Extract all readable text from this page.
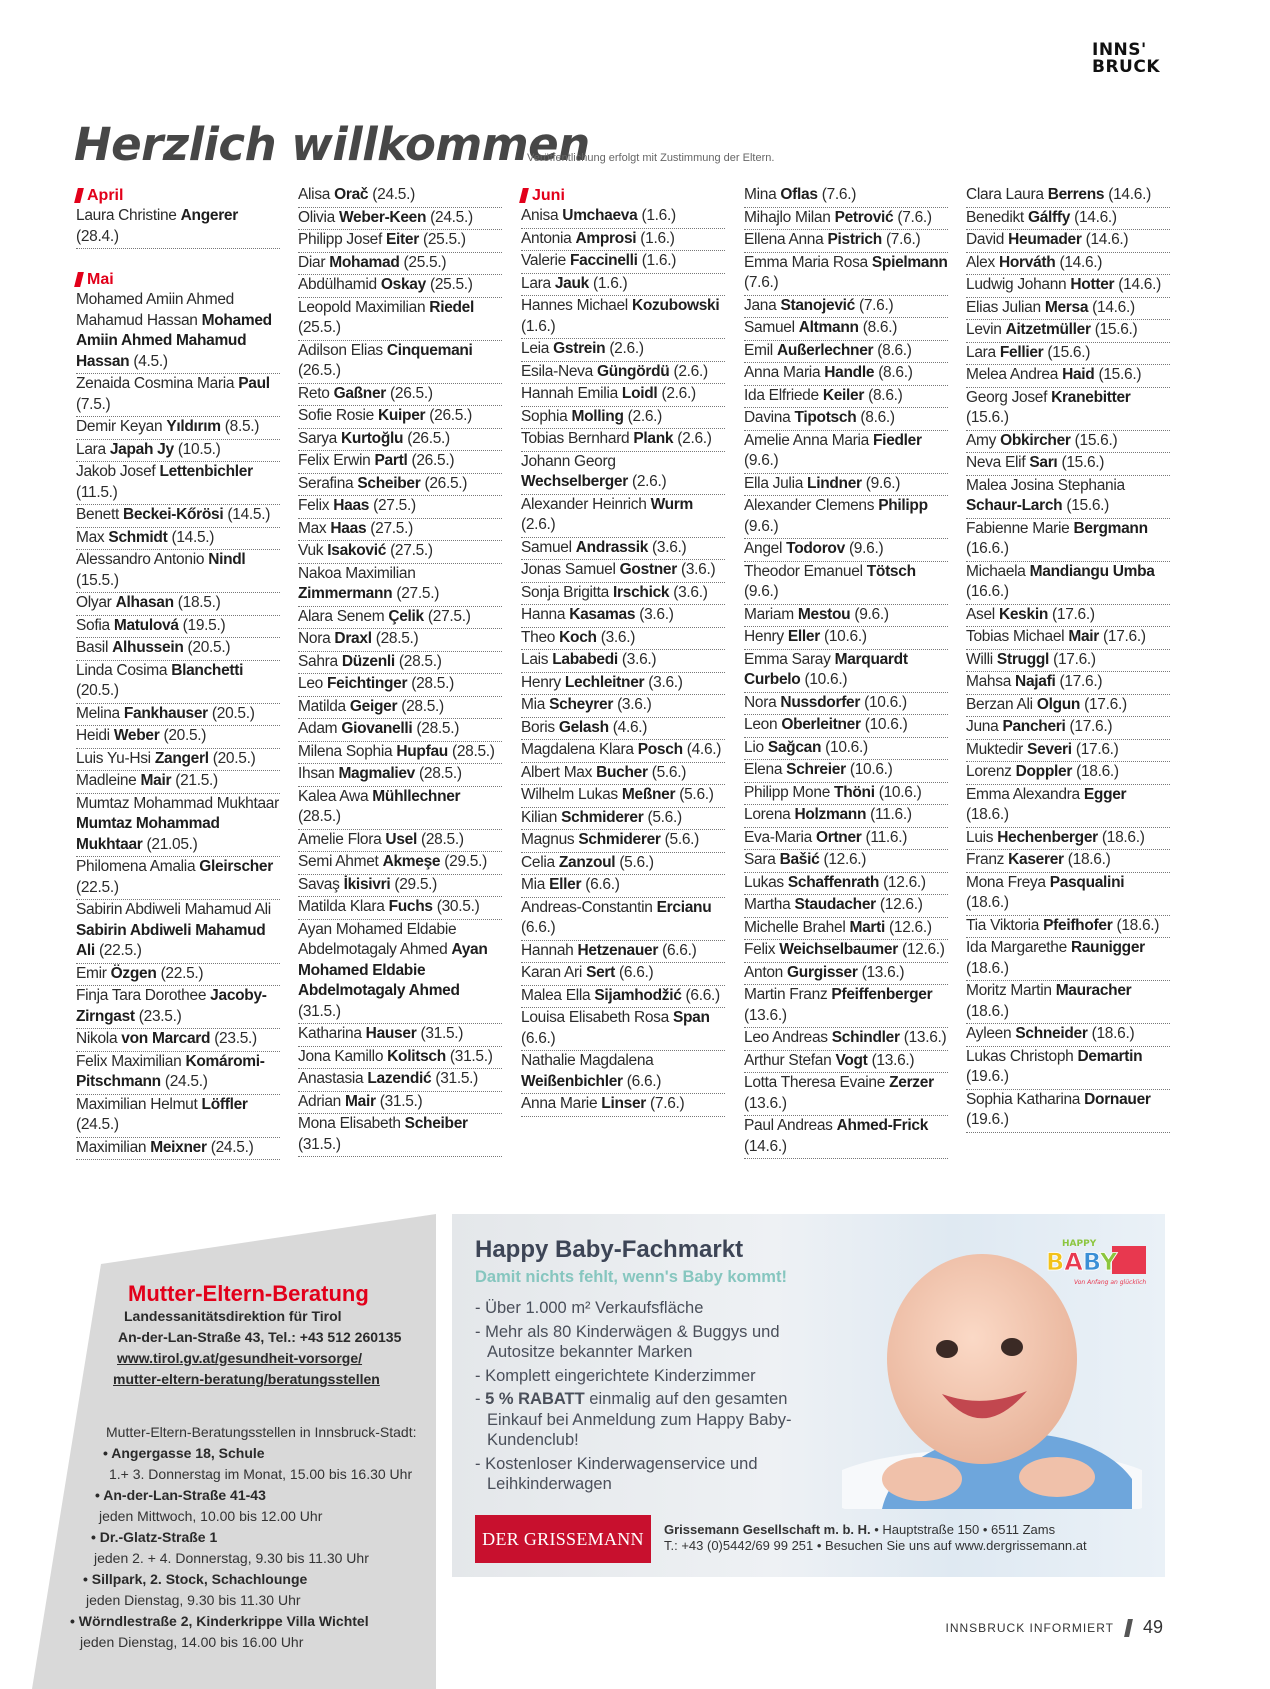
INNS'
BRUCK
Herzlich willkommen
Veröffentlichung erfolgt mit Zustimmung der Eltern.
April
Laura Christine Angerer (28.4.)
Mai
Mohamed Amiin Ahmed Mahamud Hassan Mohamed Amiin Ahmed Mahamud Hassan (4.5.)
Zenaida Cosmina Maria Paul (7.5.)
Demir Keyan Yıldırım (8.5.)
Lara Japah Jy (10.5.)
Jakob Josef Lettenbichler (11.5.)
Benett Beckei-Kőrösi (14.5.)
Max Schmidt (14.5.)
Alessandro Antonio Nindl (15.5.)
Olyar Alhasan (18.5.)
Sofia Matulová (19.5.)
Basil Alhussein (20.5.)
Linda Cosima Blanchetti (20.5.)
Melina Fankhauser (20.5.)
Heidi Weber (20.5.)
Luis Yu-Hsi Zangerl (20.5.)
Madleine Mair (21.5.)
Mumtaz Mohammad Mukhtaar Mumtaz Mohammad Mukhtaar (21.05.)
Philomena Amalia Gleirscher (22.5.)
Sabirin Abdiweli Mahamud Ali Sabirin Abdiweli Mahamud Ali (22.5.)
Emir Özgen (22.5.)
Finja Tara Dorothee Jacoby-Zirngast (23.5.)
Nikola von Marcard (23.5.)
Felix Maximilian Komáromi-Pitschmann (24.5.)
Maximilian Helmut Löffler (24.5.)
Maximilian Meixner (24.5.)
Alisa Orač (24.5.)
Olivia Weber-Keen (24.5.)
Philipp Josef Eiter (25.5.)
Diar Mohamad (25.5.)
Abdülhamid Oskay (25.5.)
Leopold Maximilian Riedel (25.5.)
Adilson Elias Cinquemani (26.5.)
Reto Gaßner (26.5.)
Sofie Rosie Kuiper (26.5.)
Sarya Kurtoğlu (26.5.)
Felix Erwin Partl (26.5.)
Serafina Scheiber (26.5.)
Felix Haas (27.5.)
Max Haas (27.5.)
Vuk Isaković (27.5.)
Nakoa Maximilian Zimmermann (27.5.)
Alara Senem Çelik (27.5.)
Nora Draxl (28.5.)
Sahra Düzenli (28.5.)
Leo Feichtinger (28.5.)
Matilda Geiger (28.5.)
Adam Giovanelli (28.5.)
Milena Sophia Hupfau (28.5.)
Ihsan Magmaliev (28.5.)
Kalea Awa Mühllechner (28.5.)
Amelie Flora Usel (28.5.)
Semi Ahmet Akmeşe (29.5.)
Savaş İkisivri (29.5.)
Matilda Klara Fuchs (30.5.)
Ayan Mohamed Eldabie Abdelmotagaly Ahmed Ayan Mohamed Eldabie Abdelmotagaly Ahmed (31.5.)
Katharina Hauser (31.5.)
Jona Kamillo Kolitsch (31.5.)
Anastasia Lazendić (31.5.)
Adrian Mair (31.5.)
Mona Elisabeth Scheiber (31.5.)
Juni
Anisa Umchaeva (1.6.)
Antonia Amprosi (1.6.)
Valerie Faccinelli (1.6.)
Lara Jauk (1.6.)
Hannes Michael Kozubowski (1.6.)
Leia Gstrein (2.6.)
Esila-Neva Güngördü (2.6.)
Hannah Emilia Loidl (2.6.)
Sophia Molling (2.6.)
Tobias Bernhard Plank (2.6.)
Johann Georg Wechselberger (2.6.)
Alexander Heinrich Wurm (2.6.)
Samuel Andrassik (3.6.)
Jonas Samuel Gostner (3.6.)
Sonja Brigitta Irschick (3.6.)
Hanna Kasamas (3.6.)
Theo Koch (3.6.)
Lais Lababedi (3.6.)
Henry Lechleitner (3.6.)
Mia Scheyrer (3.6.)
Boris Gelash (4.6.)
Magdalena Klara Posch (4.6.)
Albert Max Bucher (5.6.)
Wilhelm Lukas Meßner (5.6.)
Kilian Schmiderer (5.6.)
Magnus Schmiderer (5.6.)
Celia Zanzoul (5.6.)
Mia Eller (6.6.)
Andreas-Constantin Ercianu (6.6.)
Hannah Hetzenauer (6.6.)
Karan Ari Sert (6.6.)
Malea Ella Sijamhodžić (6.6.)
Louisa Elisabeth Rosa Span (6.6.)
Nathalie Magdalena Weißenbichler (6.6.)
Anna Marie Linser (7.6.)
Mina Oflas (7.6.)
Mihajlo Milan Petrović (7.6.)
Ellena Anna Pistrich (7.6.)
Emma Maria Rosa Spielmann (7.6.)
Jana Stanojević (7.6.)
Samuel Altmann (8.6.)
Emil Außerlechner (8.6.)
Anna Maria Handle (8.6.)
Ida Elfriede Keiler (8.6.)
Davina Tipotsch (8.6.)
Amelie Anna Maria Fiedler (9.6.)
Ella Julia Lindner (9.6.)
Alexander Clemens Philipp (9.6.)
Angel Todorov (9.6.)
Theodor Emanuel Tötsch (9.6.)
Mariam Mestou (9.6.)
Henry Eller (10.6.)
Emma Saray Marquardt Curbelo (10.6.)
Nora Nussdorfer (10.6.)
Leon Oberleitner (10.6.)
Lio Sağcan (10.6.)
Elena Schreier (10.6.)
Philipp Mone Thöni (10.6.)
Lorena Holzmann (11.6.)
Eva-Maria Ortner (11.6.)
Sara Bašić (12.6.)
Lukas Schaffenrath (12.6.)
Martha Staudacher (12.6.)
Michelle Brahel Marti (12.6.)
Felix Weichselbaumer (12.6.)
Anton Gurgisser (13.6.)
Martin Franz Pfeiffenberger (13.6.)
Leo Andreas Schindler (13.6.)
Arthur Stefan Vogt (13.6.)
Lotta Theresa Evaine Zerzer (13.6.)
Paul Andreas Ahmed-Frick (14.6.)
Clara Laura Berrens (14.6.)
Benedikt Gálffy (14.6.)
David Heumader (14.6.)
Alex Horváth (14.6.)
Ludwig Johann Hotter (14.6.)
Elias Julian Mersa (14.6.)
Levin Aitzetmüller (15.6.)
Lara Fellier (15.6.)
Melea Andrea Haid (15.6.)
Georg Josef Kranebitter (15.6.)
Amy Obkircher (15.6.)
Neva Elif Sarı (15.6.)
Malea Josina Stephania Schaur-Larch (15.6.)
Fabienne Marie Bergmann (16.6.)
Michaela Mandiangu Umba (16.6.)
Asel Keskin (17.6.)
Tobias Michael Mair (17.6.)
Willi Struggl (17.6.)
Mahsa Najafi (17.6.)
Berzan Ali Olgun (17.6.)
Juna Pancheri (17.6.)
Muktedir Severi (17.6.)
Lorenz Doppler (18.6.)
Emma Alexandra Egger (18.6.)
Luis Hechenberger (18.6.)
Franz Kaserer (18.6.)
Mona Freya Pasqualini (18.6.)
Tia Viktoria Pfeifhofer (18.6.)
Ida Margarethe Raunigger (18.6.)
Moritz Martin Mauracher (18.6.)
Ayleen Schneider (18.6.)
Lukas Christoph Demartin (19.6.)
Sophia Katharina Dornauer (19.6.)
Mutter-Eltern-Beratung
Landessanitätsdirektion für Tirol
An-der-Lan-Straße 43, Tel.: +43 512 260135
www.tirol.gv.at/gesundheit-vorsorge/
mutter-eltern-beratung/beratungsstellen
Mutter-Eltern-Beratungsstellen in Innsbruck-Stadt:
• Angergasse 18, Schule
1.+ 3. Donnerstag im Monat, 15.00 bis 16.30 Uhr
• An-der-Lan-Straße 41-43
jeden Mittwoch, 10.00 bis 12.00 Uhr
• Dr.-Glatz-Straße 1
jeden 2. + 4. Donnerstag, 9.30 bis 11.30 Uhr
• Sillpark, 2. Stock, Schachlounge
jeden Dienstag, 9.30 bis 11.30 Uhr
• Wörndlestraße 2, Kinderkrippe Villa Wichtel
jeden Dienstag, 14.00 bis 16.00 Uhr
Happy Baby-Fachmarkt
Damit nichts fehlt, wenn's Baby kommt!
- Über 1.000 m² Verkaufsfläche
- Mehr als 80 Kinderwägen & Buggys und Autositze bekannter Marken
- Komplett eingerichtete Kinderzimmer
- 5 % RABATT einmalig auf den gesamten Einkauf bei Anmeldung zum Happy Baby-Kundenclub!
- Kostenloser Kinderwagenservice und Leihkinderwagen
BABY
HAPPY
Von Anfang an glücklich
DER GRISSEMANN	Grissemann Gesellschaft m. b. H. • Hauptstraße 150 • 6511 Zams
T.: +43 (0)5442/69 99 251 • Besuchen Sie uns auf www.dergrissemann.at
INNSBRUCK INFORMIERT 49
